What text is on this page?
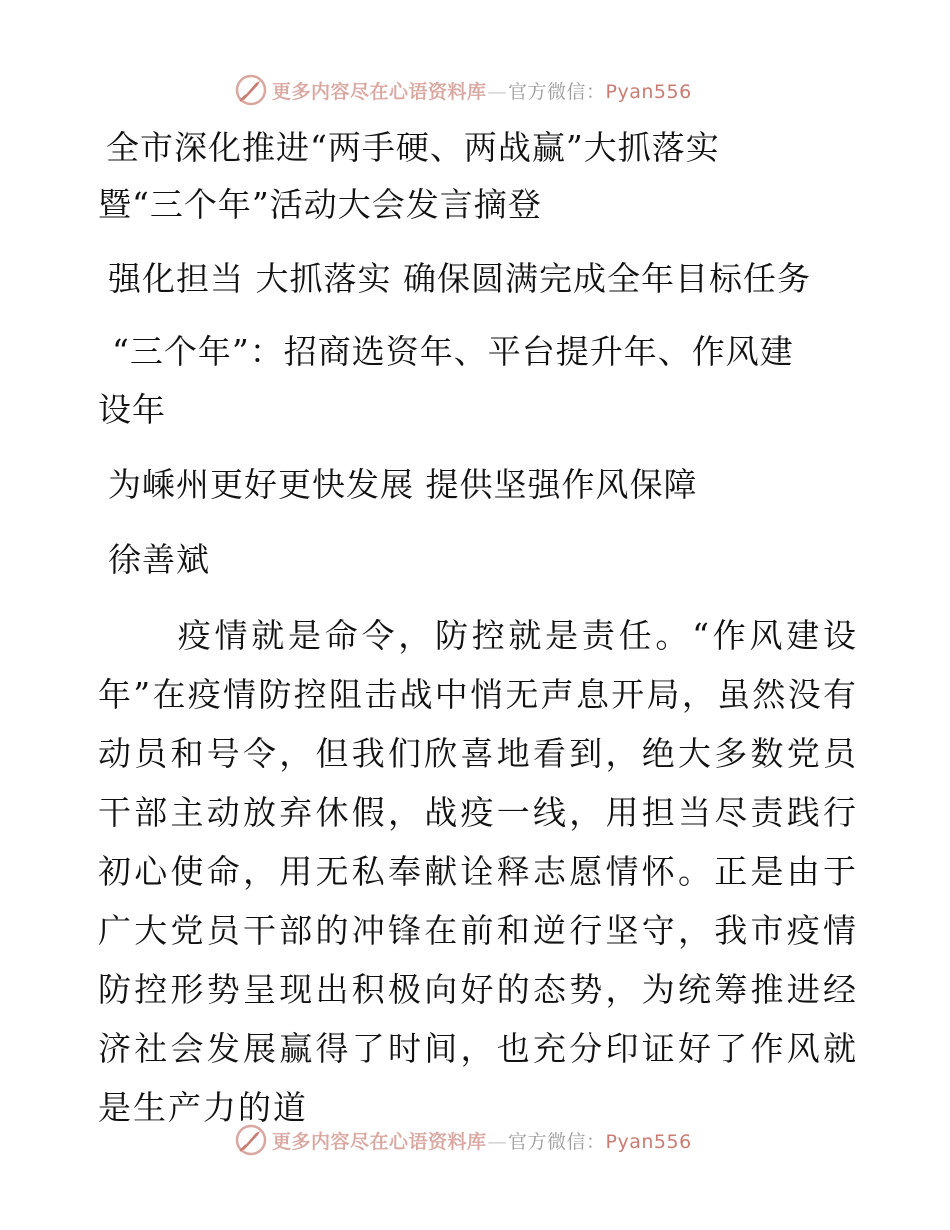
更多内容尽在心语资料库—官方微信：Pyan556
全市深化推进“两手硬、两战赢”大抓落实
暨“三个年”活动大会发言摘登
强化担当 大抓落实 确保圆满完成全年目标任务
“三个年”：招商选资年、平台提升年、作风建
设年
为嵊州更好更快发展 提供坚强作风保障
徐善斌
疫情就是命令，防控就是责任。“作风建设年”在疫情防控阻击战中悄无声息开局，虽然没有动员和号令，但我们欣喜地看到，绝大多数党员干部主动放弃休假，战疫一线，用担当尽责践行初心使命，用无私奉献诠释志愿情怀。正是由于广大党员干部的冲锋在前和逆行坚守，我市疫情防控形势呈现出积极向好的态势，为统筹推进经济社会发展赢得了时间，也充分印证好了作风就是生产力的道
更多内容尽在心语资料库—官方微信：Pyan556
